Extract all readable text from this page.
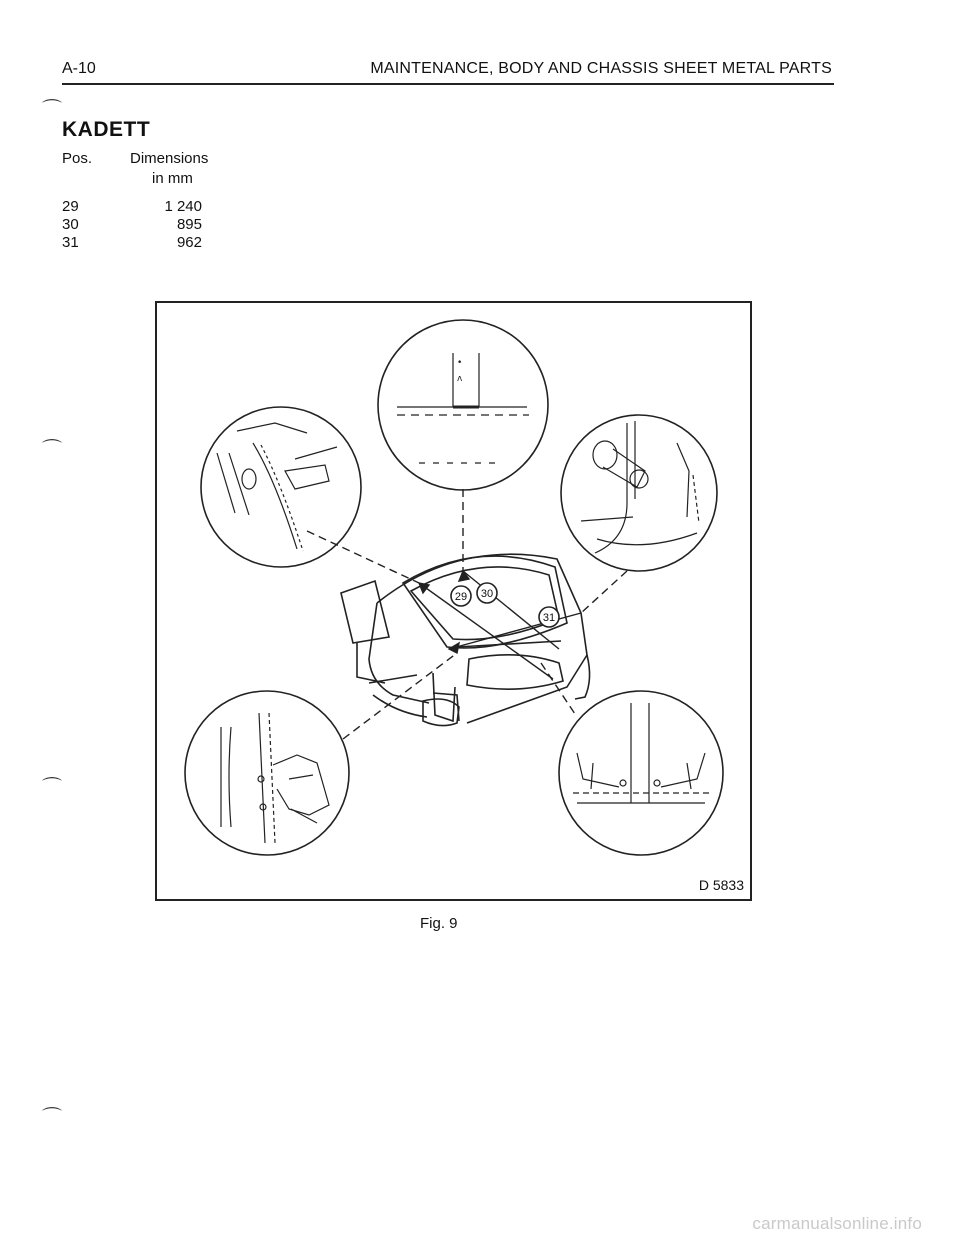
A-10	MAINTENANCE, BODY AND CHASSIS SHEET METAL PARTS
⌒
⌒
⌒
⌒
KADETT
Pos.	Dimensions
in mm
29	1 240
30	895
31	962
•
ʌ
29 30
31
D 5833
Fig. 9
carmanualsonline.info
